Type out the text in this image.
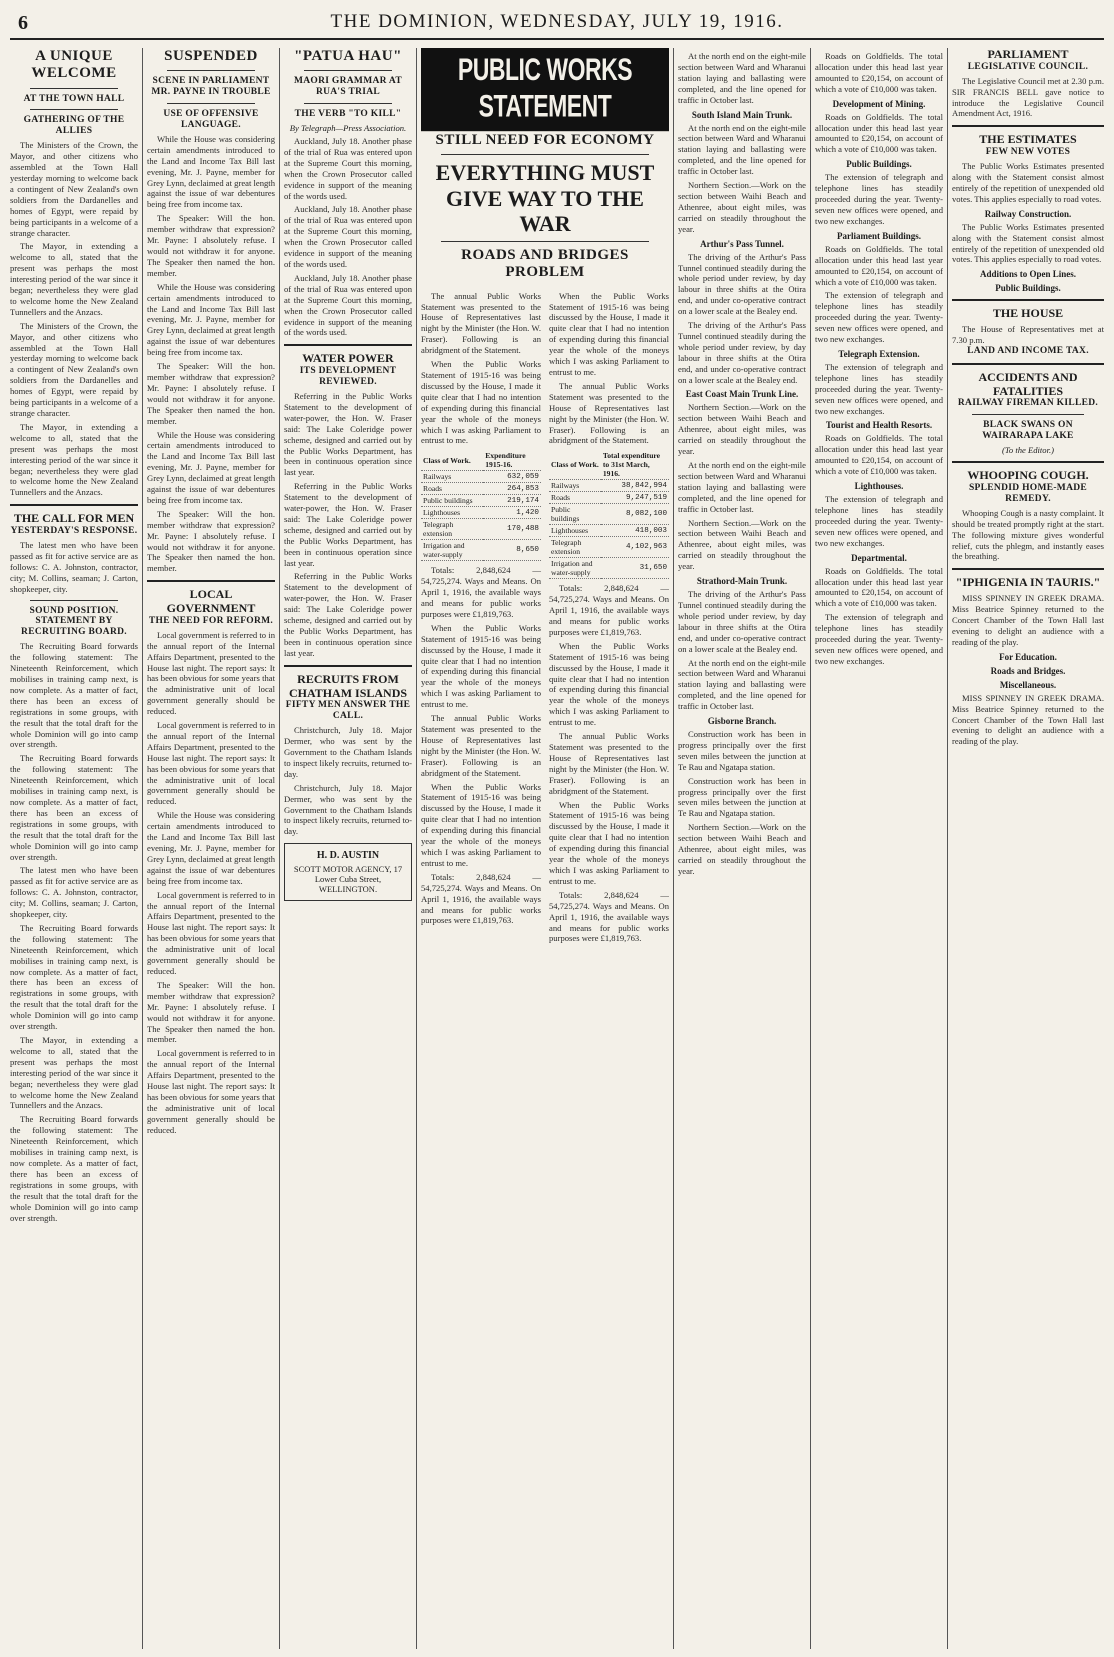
6	THE DOMINION, WEDNESDAY, JULY 19, 1916.
A UNIQUE WELCOME
AT THE TOWN HALL
GATHERING OF THE ALLIES

The Ministers of the Crown, the Mayor, and other citizens who assembled at the Town Hall yesterday morning to welcome back a contingent of New Zealand's own soldiers from the Dardanelles and homes of Egypt, were repaid by being participants in a welcome of a strange character.

The Mayor, in extending a welcome to all, stated that the present was perhaps the most interesting period of the war since it began; nevertheless they were glad to welcome home the New Zealand Tunnellers and the Anzacs.

The Ministers of the Crown, the Mayor, and other citizens who assembled at the Town Hall yesterday morning to welcome back a contingent of New Zealand's own soldiers from the Dardanelles and homes of Egypt, were repaid by being participants in a welcome of a strange character.

The Mayor, in extending a welcome to all, stated that the present was perhaps the most interesting period of the war since it began; nevertheless they were glad to welcome home the New Zealand Tunnellers and the Anzacs.

THE CALL FOR MEN
YESTERDAY'S RESPONSE.

The latest men who have been passed as fit for active service are as follows: C. A. Johnston, contractor, city; M. Collins, seaman; J. Carton, shopkeeper, city.

SOUND POSITION.
STATEMENT BY RECRUITING BOARD.

The Recruiting Board forwards the following statement: The Nineteenth Reinforcement, which mobilises in training camp next, is now complete. As a matter of fact, there has been an excess of registrations in some groups, with the result that the total draft for the whole Dominion will go into camp over strength.

The Recruiting Board forwards the following statement: The Nineteenth Reinforcement, which mobilises in training camp next, is now complete. As a matter of fact, there has been an excess of registrations in some groups, with the result that the total draft for the whole Dominion will go into camp over strength.

The latest men who have been passed as fit for active service are as follows: C. A. Johnston, contractor, city; M. Collins, seaman; J. Carton, shopkeeper, city.

The Recruiting Board forwards the following statement: The Nineteenth Reinforcement, which mobilises in training camp next, is now complete. As a matter of fact, there has been an excess of registrations in some groups, with the result that the total draft for the whole Dominion will go into camp over strength.

The Mayor, in extending a welcome to all, stated that the present was perhaps the most interesting period of the war since it began; nevertheless they were glad to welcome home the New Zealand Tunnellers and the Anzacs.

The Recruiting Board forwards the following statement: The Nineteenth Reinforcement, which mobilises in training camp next, is now complete. As a matter of fact, there has been an excess of registrations in some groups, with the result that the total draft for the whole Dominion will go into camp over strength.

SUSPENDED
SCENE IN PARLIAMENT
MR. PAYNE IN TROUBLE
USE OF OFFENSIVE LANGUAGE.

While the House was considering certain amendments introduced to the Land and Income Tax Bill last evening, Mr. J. Payne, member for Grey Lynn, declaimed at great length against the issue of war debentures being free from income tax.

The Speaker: Will the hon. member withdraw that expression? Mr. Payne: I absolutely refuse. I would not withdraw it for anyone. The Speaker then named the hon. member.

While the House was considering certain amendments introduced to the Land and Income Tax Bill last evening, Mr. J. Payne, member for Grey Lynn, declaimed at great length against the issue of war debentures being free from income tax.

The Speaker: Will the hon. member withdraw that expression? Mr. Payne: I absolutely refuse. I would not withdraw it for anyone. The Speaker then named the hon. member.

While the House was considering certain amendments introduced to the Land and Income Tax Bill last evening, Mr. J. Payne, member for Grey Lynn, declaimed at great length against the issue of war debentures being free from income tax.

The Speaker: Will the hon. member withdraw that expression? Mr. Payne: I absolutely refuse. I would not withdraw it for anyone. The Speaker then named the hon. member.

LOCAL GOVERNMENT
THE NEED FOR REFORM.

Local government is referred to in the annual report of the Internal Affairs Department, presented to the House last night. The report says: It has been obvious for some years that the administrative unit of local government generally should be reduced.

Local government is referred to in the annual report of the Internal Affairs Department, presented to the House last night. The report says: It has been obvious for some years that the administrative unit of local government generally should be reduced.

While the House was considering certain amendments introduced to the Land and Income Tax Bill last evening, Mr. J. Payne, member for Grey Lynn, declaimed at great length against the issue of war debentures being free from income tax.

Local government is referred to in the annual report of the Internal Affairs Department, presented to the House last night. The report says: It has been obvious for some years that the administrative unit of local government generally should be reduced.

The Speaker: Will the hon. member withdraw that expression? Mr. Payne: I absolutely refuse. I would not withdraw it for anyone. The Speaker then named the hon. member.

Local government is referred to in the annual report of the Internal Affairs Department, presented to the House last night. The report says: It has been obvious for some years that the administrative unit of local government generally should be reduced.

"PATUA HAU"
MAORI GRAMMAR AT RUA'S TRIAL
THE VERB "TO KILL"
By Telegraph—Press Association.

Auckland, July 18. Another phase of the trial of Rua was entered upon at the Supreme Court this morning, when the Crown Prosecutor called evidence in support of the meaning of the words used.

Auckland, July 18. Another phase of the trial of Rua was entered upon at the Supreme Court this morning, when the Crown Prosecutor called evidence in support of the meaning of the words used.

Auckland, July 18. Another phase of the trial of Rua was entered upon at the Supreme Court this morning, when the Crown Prosecutor called evidence in support of the meaning of the words used.

WATER POWER
ITS DEVELOPMENT REVIEWED.

Referring in the Public Works Statement to the development of water-power, the Hon. W. Fraser said: The Lake Coleridge power scheme, designed and carried out by the Public Works Department, has been in continuous operation since last year.

Referring in the Public Works Statement to the development of water-power, the Hon. W. Fraser said: The Lake Coleridge power scheme, designed and carried out by the Public Works Department, has been in continuous operation since last year.

Referring in the Public Works Statement to the development of water-power, the Hon. W. Fraser said: The Lake Coleridge power scheme, designed and carried out by the Public Works Department, has been in continuous operation since last year.

RECRUITS FROM CHATHAM ISLANDS
FIFTY MEN ANSWER THE CALL.

Christchurch, July 18. Major Dermer, who was sent by the Government to the Chatham Islands to inspect likely recruits, returned to-day.

Christchurch, July 18. Major Dermer, who was sent by the Government to the Chatham Islands to inspect likely recruits, returned to-day.

H. D. AUSTIN
SCOTT MOTOR AGENCY, 17 Lower Cuba Street, WELLINGTON.
PUBLIC WORKS STATEMENT
STILL NEED FOR ECONOMY
EVERYTHING MUST GIVE WAY TO THE WAR
ROADS AND BRIDGES PROBLEM

The annual Public Works Statement was presented to the House of Representatives last night by the Minister (the Hon. W. Fraser). Following is an abridgment of the Statement.

When the Public Works Statement of 1915-16 was being discussed by the House, I made it quite clear that I had no intention of expending during this financial year the whole of the moneys which I was asking Parliament to entrust to me.

Class of Work.	Expenditure 1915-16.
Railways	632,059
Roads	264,853
Public buildings	219,174
Lighthouses	1,420
Telegraph extension	170,488
Irrigation and water-supply	8,650

Totals: 2,848,624 — 54,725,274. Ways and Means. On April 1, 1916, the available ways and means for public works purposes were £1,819,763.

When the Public Works Statement of 1915-16 was being discussed by the House, I made it quite clear that I had no intention of expending during this financial year the whole of the moneys which I was asking Parliament to entrust to me.

The annual Public Works Statement was presented to the House of Representatives last night by the Minister (the Hon. W. Fraser). Following is an abridgment of the Statement.

When the Public Works Statement of 1915-16 was being discussed by the House, I made it quite clear that I had no intention of expending during this financial year the whole of the moneys which I was asking Parliament to entrust to me.

Totals: 2,848,624 — 54,725,274. Ways and Means. On April 1, 1916, the available ways and means for public works purposes were £1,819,763.

When the Public Works Statement of 1915-16 was being discussed by the House, I made it quite clear that I had no intention of expending during this financial year the whole of the moneys which I was asking Parliament to entrust to me.

The annual Public Works Statement was presented to the House of Representatives last night by the Minister (the Hon. W. Fraser). Following is an abridgment of the Statement.

Class of Work.	Total expenditure to 31st March, 1916.
Railways	38,842,994
Roads	9,247,519
Public buildings	8,082,100
Lighthouses	418,003
Telegraph extension	4,102,963
Irrigation and water-supply	31,650

Totals: 2,848,624 — 54,725,274. Ways and Means. On April 1, 1916, the available ways and means for public works purposes were £1,819,763.

When the Public Works Statement of 1915-16 was being discussed by the House, I made it quite clear that I had no intention of expending during this financial year the whole of the moneys which I was asking Parliament to entrust to me.

The annual Public Works Statement was presented to the House of Representatives last night by the Minister (the Hon. W. Fraser). Following is an abridgment of the Statement.

When the Public Works Statement of 1915-16 was being discussed by the House, I made it quite clear that I had no intention of expending during this financial year the whole of the moneys which I was asking Parliament to entrust to me.

Totals: 2,848,624 — 54,725,274. Ways and Means. On April 1, 1916, the available ways and means for public works purposes were £1,819,763.

At the north end on the eight-mile section between Ward and Wharanui station laying and ballasting were completed, and the line opened for traffic in October last.

South Island Main Trunk.

At the north end on the eight-mile section between Ward and Wharanui station laying and ballasting were completed, and the line opened for traffic in October last.

Northern Section.—Work on the section between Waihi Beach and Athenree, about eight miles, was carried on steadily throughout the year.

Arthur's Pass Tunnel.

The driving of the Arthur's Pass Tunnel continued steadily during the whole period under review, by day labour in three shifts at the Otira end, and under co-operative contract on a lower scale at the Bealey end.

The driving of the Arthur's Pass Tunnel continued steadily during the whole period under review, by day labour in three shifts at the Otira end, and under co-operative contract on a lower scale at the Bealey end.

East Coast Main Trunk Line.

Northern Section.—Work on the section between Waihi Beach and Athenree, about eight miles, was carried on steadily throughout the year.

At the north end on the eight-mile section between Ward and Wharanui station laying and ballasting were completed, and the line opened for traffic in October last.

Northern Section.—Work on the section between Waihi Beach and Athenree, about eight miles, was carried on steadily throughout the year.

Strathord-Main Trunk.

The driving of the Arthur's Pass Tunnel continued steadily during the whole period under review, by day labour in three shifts at the Otira end, and under co-operative contract on a lower scale at the Bealey end.

At the north end on the eight-mile section between Ward and Wharanui station laying and ballasting were completed, and the line opened for traffic in October last.

Gisborne Branch.

Construction work has been in progress principally over the first seven miles between the junction at Te Rau and Ngatapa station.

Construction work has been in progress principally over the first seven miles between the junction at Te Rau and Ngatapa station.

Northern Section.—Work on the section between Waihi Beach and Athenree, about eight miles, was carried on steadily throughout the year.

Roads on Goldfields. The total allocation under this head last year amounted to £20,154, on account of which a vote of £10,000 was taken.

Development of Mining.

Roads on Goldfields. The total allocation under this head last year amounted to £20,154, on account of which a vote of £10,000 was taken.

Public Buildings.

The extension of telegraph and telephone lines has steadily proceeded during the year. Twenty-seven new offices were opened, and two new exchanges.

Parliament Buildings.

Roads on Goldfields. The total allocation under this head last year amounted to £20,154, on account of which a vote of £10,000 was taken.

The extension of telegraph and telephone lines has steadily proceeded during the year. Twenty-seven new offices were opened, and two new exchanges.

Telegraph Extension.

The extension of telegraph and telephone lines has steadily proceeded during the year. Twenty-seven new offices were opened, and two new exchanges.

Tourist and Health Resorts.

Roads on Goldfields. The total allocation under this head last year amounted to £20,154, on account of which a vote of £10,000 was taken.

Lighthouses.

The extension of telegraph and telephone lines has steadily proceeded during the year. Twenty-seven new offices were opened, and two new exchanges.

Departmental.

Roads on Goldfields. The total allocation under this head last year amounted to £20,154, on account of which a vote of £10,000 was taken.

The extension of telegraph and telephone lines has steadily proceeded during the year. Twenty-seven new offices were opened, and two new exchanges.

PARLIAMENT
LEGISLATIVE COUNCIL.

The Legislative Council met at 2.30 p.m. SIR FRANCIS BELL gave notice to introduce the Legislative Council Amendment Act, 1916.

THE ESTIMATES
FEW NEW VOTES

The Public Works Estimates presented along with the Statement consist almost entirely of the repetition of unexpended old votes. This applies especially to road votes.

Railway Construction.

The Public Works Estimates presented along with the Statement consist almost entirely of the repetition of unexpended old votes. This applies especially to road votes.

Additions to Open Lines.
Public Buildings.
THE HOUSE

The House of Representatives met at 7.30 p.m.

LAND AND INCOME TAX.
ACCIDENTS AND FATALITIES
RAILWAY FIREMAN KILLED.
BLACK SWANS ON WAIRARAPA LAKE
(To the Editor.)
WHOOPING COUGH.
SPLENDID HOME-MADE REMEDY.

Whooping Cough is a nasty complaint. It should be treated promptly right at the start. The following mixture gives wonderful relief, cuts the phlegm, and instantly eases the breathing.

"IPHIGENIA IN TAURIS."

MISS SPINNEY IN GREEK DRAMA. Miss Beatrice Spinney returned to the Concert Chamber of the Town Hall last evening to delight an audience with a reading of the play.

For Education.
Roads and Bridges.
Miscellaneous.

MISS SPINNEY IN GREEK DRAMA. Miss Beatrice Spinney returned to the Concert Chamber of the Town Hall last evening to delight an audience with a reading of the play.
